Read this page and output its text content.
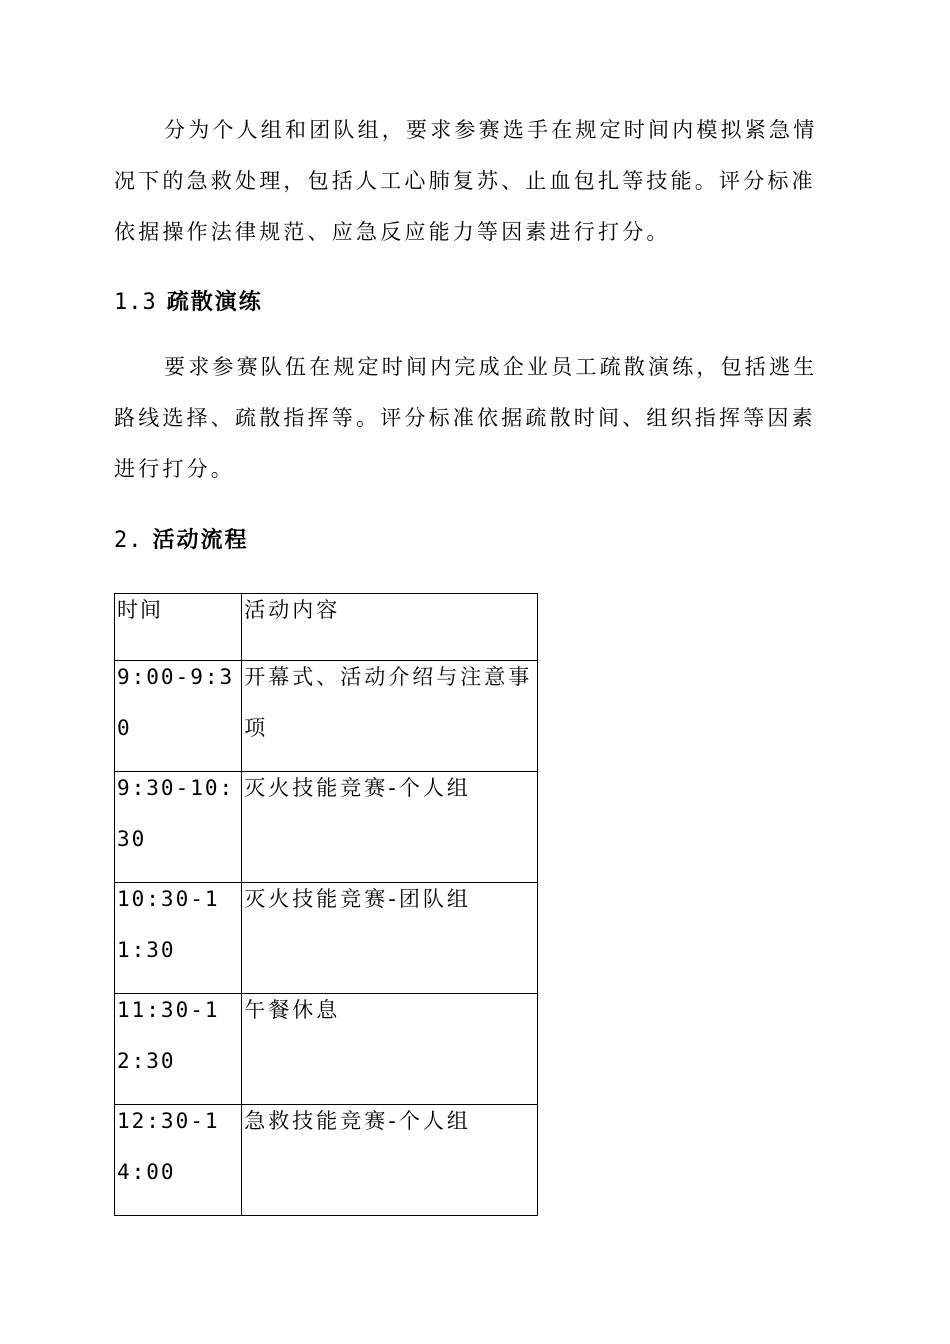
分为个人组和团队组，要求参赛选手在规定时间内模拟紧急情况下的急救处理，包括人工心肺复苏、止血包扎等技能。评分标准依据操作法律规范、应急反应能力等因素进行打分。

1.3 疏散演练

要求参赛队伍在规定时间内完成企业员工疏散演练，包括逃生路线选择、疏散指挥等。评分标准依据疏散时间、组织指挥等因素进行打分。

2. 活动流程
时间	活动内容

9:00-9:30	开幕式、活动介绍与注意事项

9:30-10:30	灭火技能竞赛-个人组

10:30-11:30	灭火技能竞赛-团队组

11:30-12:30	午餐休息

12:30-14:00	急救技能竞赛-个人组
